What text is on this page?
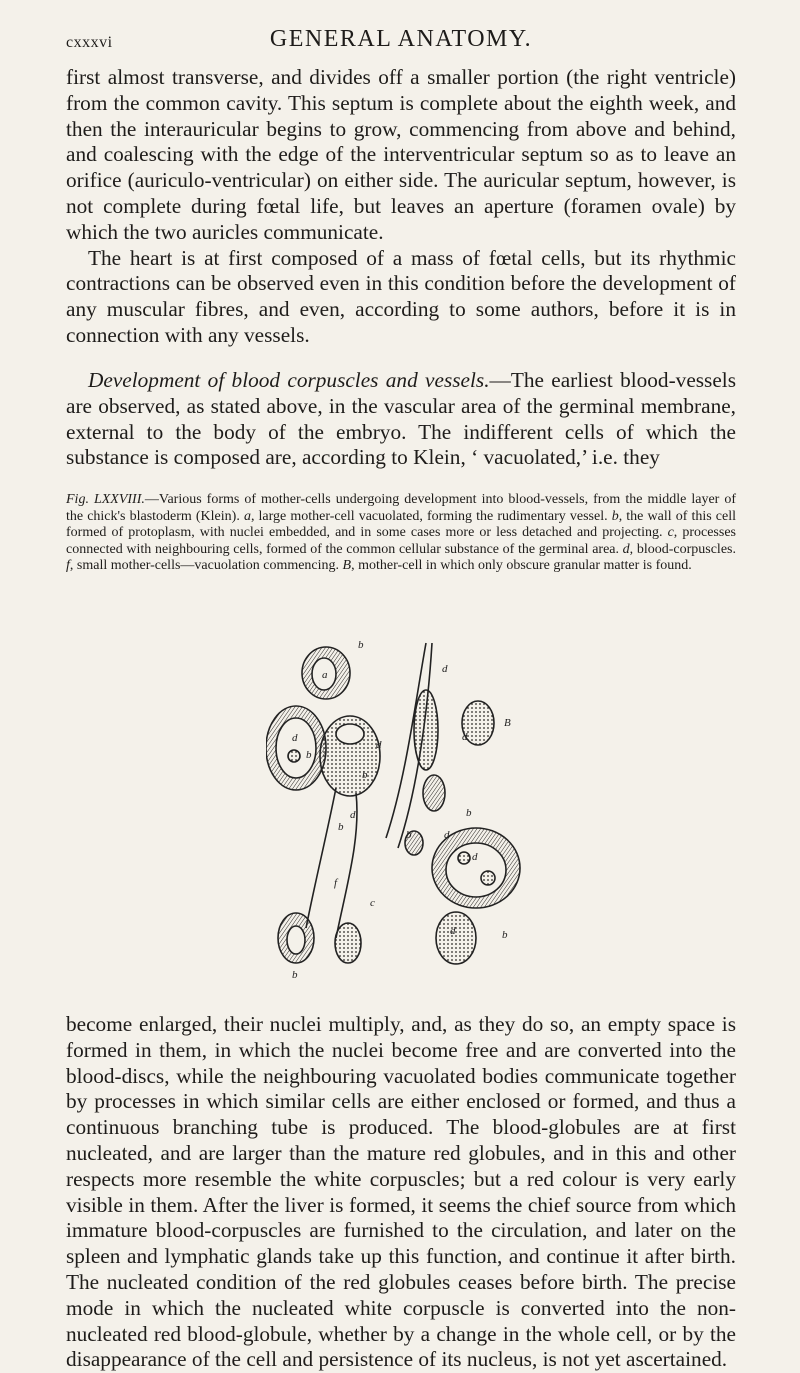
cxxxvi	GENERAL ANATOMY.

first almost transverse, and divides off a smaller portion (the right ventricle) from the common cavity. This septum is complete about the eighth week, and then the interauricular begins to grow, commencing from above and behind, and coalescing with the edge of the interventricular septum so as to leave an orifice (auriculo-ventricular) on either side. The auricular septum, however, is not complete during fœtal life, but leaves an aperture (foramen ovale) by which the two auricles communicate.

The heart is at first composed of a mass of fœtal cells, but its rhythmic contractions can be observed even in this condition before the development of any muscular fibres, and even, according to some authors, before it is in connection with any vessels.

Development of blood corpuscles and vessels.—The earliest blood-vessels are observed, as stated above, in the vascular area of the germinal membrane, external to the body of the embryo. The indifferent cells of which the substance is composed are, according to Klein, ‘ vacuolated,’ i.e. they

Fig. LXXVIII.—Various forms of mother-cells undergoing development into blood-vessels, from the middle layer of the chick's blastoderm (Klein). a, large mother-cell vacuolated, forming the rudimentary vessel. b, the wall of this cell formed of protoplasm, with nuclei embedded, and in some cases more or less detached and projecting. c, processes connected with neighbouring cells, formed of the common cellular substance of the germinal area. d, blood-corpuscles. f, small mother-cells—vacuolation commencing. B, mother-cell in which only obscure granular matter is found.
a
b
d
b
d
b
d
f
c
b
d
B
d
b
d
b
d
b
d
b

become enlarged, their nuclei multiply, and, as they do so, an empty space is formed in them, in which the nuclei become free and are converted into the blood-discs, while the neighbouring vacuolated bodies communicate together by processes in which similar cells are either enclosed or formed, and thus a continuous branching tube is produced. The blood-globules are at first nucleated, and are larger than the mature red globules, and in this and other respects more resemble the white corpuscles; but a red colour is very early visible in them. After the liver is formed, it seems the chief source from which immature blood-corpuscles are furnished to the circulation, and later on the spleen and lymphatic glands take up this function, and continue it after birth. The nucleated condition of the red globules ceases before birth. The precise mode in which the nucleated white corpuscle is converted into the non-nucleated red blood-globule, whether by a change in the whole cell, or by the disappearance of the cell and persistence of its nucleus, is not yet ascertained.
